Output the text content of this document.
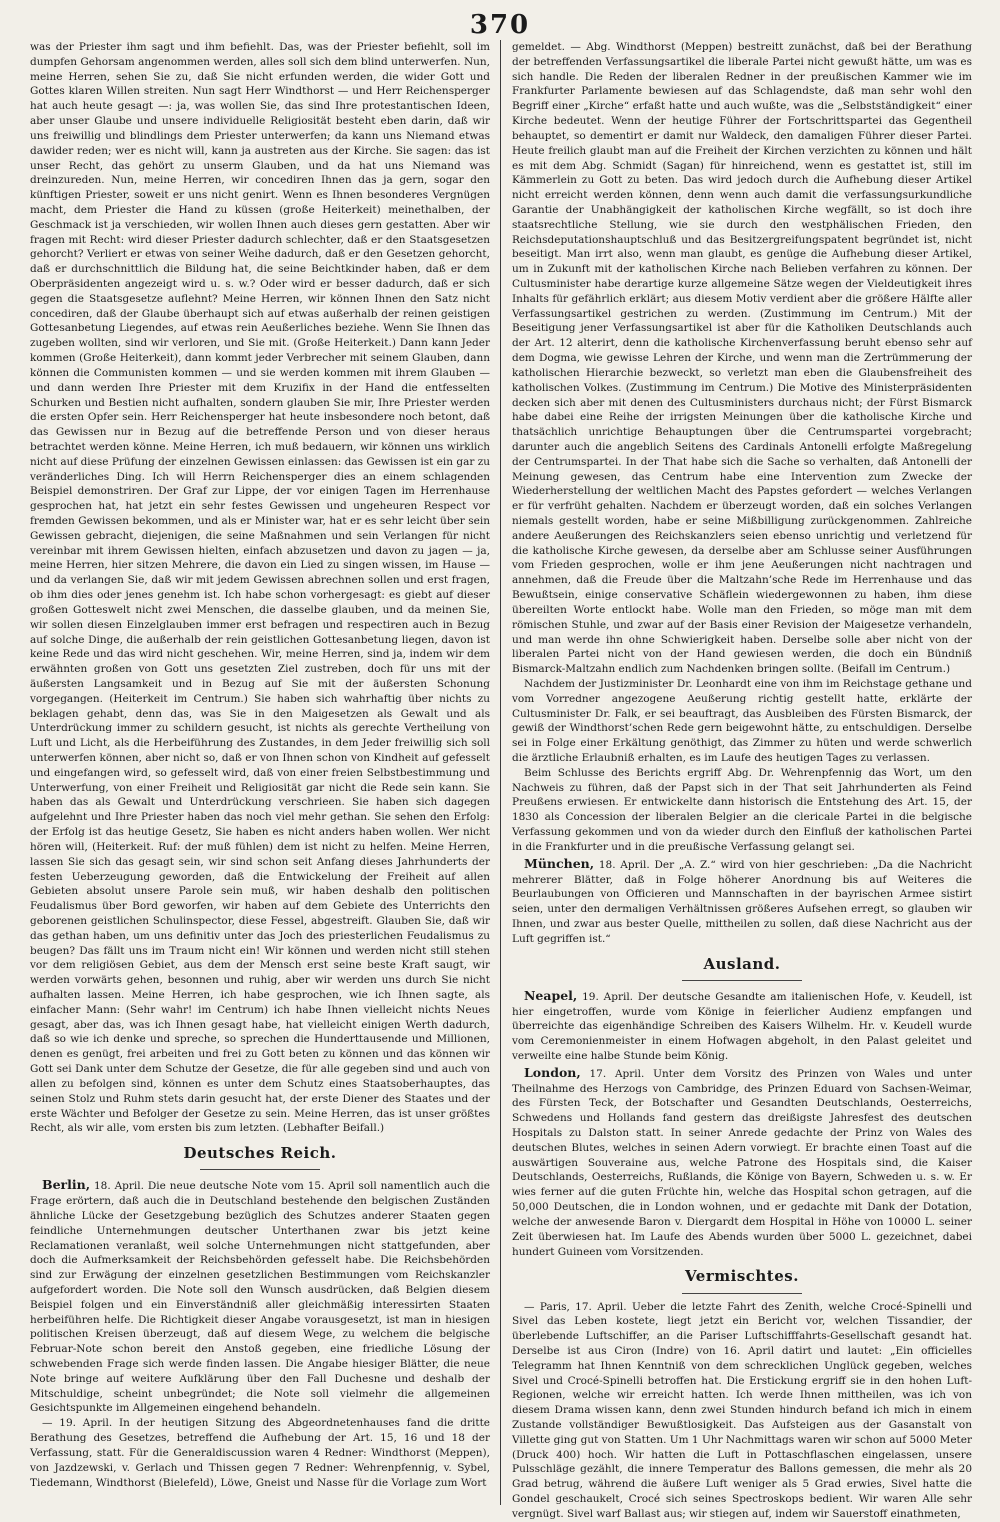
370

was der Priester ihm sagt und ihm befiehlt. Das, was der Priester befiehlt, soll im dumpfen Gehorsam angenommen werden, alles soll sich dem blind unterwerfen. Nun, meine Herren, sehen Sie zu, daß Sie nicht erfunden werden, die wider Gott und Gottes klaren Willen streiten. Nun sagt Herr Windthorst — und Herr Reichensperger hat auch heute gesagt —: ja, was wollen Sie, das sind Ihre protestantischen Ideen, aber unser Glaube und unsere individuelle Religiosität besteht eben darin, daß wir uns freiwillig und blindlings dem Priester unterwerfen; da kann uns Niemand etwas dawider reden; wer es nicht will, kann ja austreten aus der Kirche. Sie sagen: das ist unser Recht, das gehört zu unserm Glauben, und da hat uns Niemand was dreinzureden. Nun, meine Herren, wir concediren Ihnen das ja gern, sogar den künftigen Priester, soweit er uns nicht genirt. Wenn es Ihnen besonderes Vergnügen macht, dem Priester die Hand zu küssen (große Heiterkeit) meinethalben, der Geschmack ist ja verschieden, wir wollen Ihnen auch dieses gern gestatten. Aber wir fragen mit Recht: wird dieser Priester dadurch schlechter, daß er den Staatsgesetzen gehorcht? Verliert er etwas von seiner Weihe dadurch, daß er den Gesetzen gehorcht, daß er durchschnittlich die Bildung hat, die seine Beichtkinder haben, daß er dem Oberpräsidenten angezeigt wird u. s. w.? Oder wird er besser dadurch, daß er sich gegen die Staatsgesetze auflehnt? Meine Herren, wir können Ihnen den Satz nicht concediren, daß der Glaube überhaupt sich auf etwas außerhalb der reinen geistigen Gottesanbetung Liegendes, auf etwas rein Aeußerliches beziehe. Wenn Sie Ihnen das zugeben wollten, sind wir verloren, und Sie mit. (Große Heiterkeit.) Dann kann Jeder kommen (Große Heiterkeit), dann kommt jeder Verbrecher mit seinem Glauben, dann können die Communisten kommen — und sie werden kommen mit ihrem Glauben — und dann werden Ihre Priester mit dem Kruzifix in der Hand die entfesselten Schurken und Bestien nicht aufhalten, sondern glauben Sie mir, Ihre Priester werden die ersten Opfer sein. Herr Reichensperger hat heute insbesondere noch betont, daß das Gewissen nur in Bezug auf die betreffende Person und von dieser heraus betrachtet werden könne. Meine Herren, ich muß bedauern, wir können uns wirklich nicht auf diese Prüfung der einzelnen Gewissen einlassen: das Gewissen ist ein gar zu veränderliches Ding. Ich will Herrn Reichensperger dies an einem schlagenden Beispiel demonstriren. Der Graf zur Lippe, der vor einigen Tagen im Herrenhause gesprochen hat, hat jetzt ein sehr festes Gewissen und ungeheuren Respect vor fremden Gewissen bekommen, und als er Minister war, hat er es sehr leicht über sein Gewissen gebracht, diejenigen, die seine Maßnahmen und sein Verlangen für nicht vereinbar mit ihrem Gewissen hielten, einfach abzusetzen und davon zu jagen — ja, meine Herren, hier sitzen Mehrere, die davon ein Lied zu singen wissen, im Hause — und da verlangen Sie, daß wir mit jedem Gewissen abrechnen sollen und erst fragen, ob ihm dies oder jenes genehm ist. Ich habe schon vorhergesagt: es giebt auf dieser großen Gotteswelt nicht zwei Menschen, die dasselbe glauben, und da meinen Sie, wir sollen diesen Einzelglauben immer erst befragen und respectiren auch in Bezug auf solche Dinge, die außerhalb der rein geistlichen Gottesanbetung liegen, davon ist keine Rede und das wird nicht geschehen. Wir, meine Herren, sind ja, indem wir dem erwähnten großen von Gott uns gesetzten Ziel zustreben, doch für uns mit der äußersten Langsamkeit und in Bezug auf Sie mit der äußersten Schonung vorgegangen. (Heiterkeit im Centrum.) Sie haben sich wahrhaftig über nichts zu beklagen gehabt, denn das, was Sie in den Maigesetzen als Gewalt und als Unterdrückung immer zu schildern gesucht, ist nichts als gerechte Vertheilung von Luft und Licht, als die Herbeiführung des Zustandes, in dem Jeder freiwillig sich soll unterwerfen können, aber nicht so, daß er von Ihnen schon von Kindheit auf gefesselt und eingefangen wird, so gefesselt wird, daß von einer freien Selbstbestimmung und Unterwerfung, von einer Freiheit und Religiosität gar nicht die Rede sein kann. Sie haben das als Gewalt und Unterdrückung verschrieen. Sie haben sich dagegen aufgelehnt und Ihre Priester haben das noch viel mehr gethan. Sie sehen den Erfolg: der Erfolg ist das heutige Gesetz, Sie haben es nicht anders haben wollen. Wer nicht hören will, (Heiterkeit. Ruf: der muß fühlen) dem ist nicht zu helfen. Meine Herren, lassen Sie sich das gesagt sein, wir sind schon seit Anfang dieses Jahrhunderts der festen Ueberzeugung geworden, daß die Entwickelung der Freiheit auf allen Gebieten absolut unsere Parole sein muß, wir haben deshalb den politischen Feudalismus über Bord geworfen, wir haben auf dem Gebiete des Unterrichts den geborenen geistlichen Schulinspector, diese Fessel, abgestreift. Glauben Sie, daß wir das gethan haben, um uns definitiv unter das Joch des priesterlichen Feudalismus zu beugen? Das fällt uns im Traum nicht ein! Wir können und werden nicht still stehen vor dem religiösen Gebiet, aus dem der Mensch erst seine beste Kraft saugt, wir werden vorwärts gehen, besonnen und ruhig, aber wir werden uns durch Sie nicht aufhalten lassen. Meine Herren, ich habe gesprochen, wie ich Ihnen sagte, als einfacher Mann: (Sehr wahr! im Centrum) ich habe Ihnen vielleicht nichts Neues gesagt, aber das, was ich Ihnen gesagt habe, hat vielleicht einigen Werth dadurch, daß so wie ich denke und spreche, so sprechen die Hunderttausende und Millionen, denen es genügt, frei arbeiten und frei zu Gott beten zu können und das können wir Gott sei Dank unter dem Schutze der Gesetze, die für alle gegeben sind und auch von allen zu befolgen sind, können es unter dem Schutz eines Staatsoberhauptes, das seinen Stolz und Ruhm stets darin gesucht hat, der erste Diener des Staates und der erste Wächter und Befolger der Gesetze zu sein. Meine Herren, das ist unser größtes Recht, als wir alle, vom ersten bis zum letzten. (Lebhafter Beifall.)

Deutsches Reich.

Berlin, 18. April. Die neue deutsche Note vom 15. April soll namentlich auch die Frage erörtern, daß auch die in Deutschland bestehende den belgischen Zuständen ähnliche Lücke der Gesetzgebung bezüglich des Schutzes anderer Staaten gegen feindliche Unternehmungen deutscher Unterthanen zwar bis jetzt keine Reclamationen veranlaßt, weil solche Unternehmungen nicht stattgefunden, aber doch die Aufmerksamkeit der Reichsbehörden gefesselt habe. Die Reichsbehörden sind zur Erwägung der einzelnen gesetzlichen Bestimmungen vom Reichskanzler aufgefordert worden. Die Note soll den Wunsch ausdrücken, daß Belgien diesem Beispiel folgen und ein Einverständniß aller gleichmäßig interessirten Staaten herbeiführen helfe. Die Richtigkeit dieser Angabe vorausgesetzt, ist man in hiesigen politischen Kreisen überzeugt, daß auf diesem Wege, zu welchem die belgische Februar-Note schon bereit den Anstoß gegeben, eine friedliche Lösung der schwebenden Frage sich werde finden lassen. Die Angabe hiesiger Blätter, die neue Note bringe auf weitere Aufklärung über den Fall Duchesne und deshalb der Mitschuldige, scheint unbegründet; die Note soll vielmehr die allgemeinen Gesichtspunkte im Allgemeinen eingehend behandeln.

— 19. April. In der heutigen Sitzung des Abgeordnetenhauses fand die dritte Berathung des Gesetzes, betreffend die Aufhebung der Art. 15, 16 und 18 der Verfassung, statt. Für die Generaldiscussion waren 4 Redner: Windthorst (Meppen), von Jazdzewski, v. Gerlach und Thissen gegen 7 Redner: Wehrenpfennig, v. Sybel, Tiedemann, Windthorst (Bielefeld), Löwe, Gneist und Nasse für die Vorlage zum Wort

gemeldet. — Abg. Windthorst (Meppen) bestreitt zunächst, daß bei der Berathung der betreffenden Verfassungsartikel die liberale Partei nicht gewußt hätte, um was es sich handle. Die Reden der liberalen Redner in der preußischen Kammer wie im Frankfurter Parlamente bewiesen auf das Schlagendste, daß man sehr wohl den Begriff einer „Kirche“ erfaßt hatte und auch wußte, was die „Selbstständigkeit“ einer Kirche bedeutet. Wenn der heutige Führer der Fortschrittspartei das Gegentheil behauptet, so dementirt er damit nur Waldeck, den damaligen Führer dieser Partei. Heute freilich glaubt man auf die Freiheit der Kirchen verzichten zu können und hält es mit dem Abg. Schmidt (Sagan) für hinreichend, wenn es gestattet ist, still im Kämmerlein zu Gott zu beten. Das wird jedoch durch die Aufhebung dieser Artikel nicht erreicht werden können, denn wenn auch damit die verfassungsurkundliche Garantie der Unabhängigkeit der katholischen Kirche wegfällt, so ist doch ihre staatsrechtliche Stellung, wie sie durch den westphälischen Frieden, den Reichsdeputationshauptschluß und das Besitzergreifungspatent begründet ist, nicht beseitigt. Man irrt also, wenn man glaubt, es genüge die Aufhebung dieser Artikel, um in Zukunft mit der katholischen Kirche nach Belieben verfahren zu können. Der Cultusminister habe derartige kurze allgemeine Sätze wegen der Vieldeutigkeit ihres Inhalts für gefährlich erklärt; aus diesem Motiv verdient aber die größere Hälfte aller Verfassungsartikel gestrichen zu werden. (Zustimmung im Centrum.) Mit der Beseitigung jener Verfassungsartikel ist aber für die Katholiken Deutschlands auch der Art. 12 alterirt, denn die katholische Kirchenverfassung beruht ebenso sehr auf dem Dogma, wie gewisse Lehren der Kirche, und wenn man die Zertrümmerung der katholischen Hierarchie bezweckt, so verletzt man eben die Glaubensfreiheit des katholischen Volkes. (Zustimmung im Centrum.) Die Motive des Ministerpräsidenten decken sich aber mit denen des Cultusministers durchaus nicht; der Fürst Bismarck habe dabei eine Reihe der irrigsten Meinungen über die katholische Kirche und thatsächlich unrichtige Behauptungen über die Centrumspartei vorgebracht; darunter auch die angeblich Seitens des Cardinals Antonelli erfolgte Maßregelung der Centrumspartei. In der That habe sich die Sache so verhalten, daß Antonelli der Meinung gewesen, das Centrum habe eine Intervention zum Zwecke der Wiederherstellung der weltlichen Macht des Papstes gefordert — welches Verlangen er für verfrüht gehalten. Nachdem er überzeugt worden, daß ein solches Verlangen niemals gestellt worden, habe er seine Mißbilligung zurückgenommen. Zahlreiche andere Aeußerungen des Reichskanzlers seien ebenso unrichtig und verletzend für die katholische Kirche gewesen, da derselbe aber am Schlusse seiner Ausführungen vom Frieden gesprochen, wolle er ihm jene Aeußerungen nicht nachtragen und annehmen, daß die Freude über die Maltzahn’sche Rede im Herrenhause und das Bewußtsein, einige conservative Schäflein wiedergewonnen zu haben, ihm diese übereilten Worte entlockt habe. Wolle man den Frieden, so möge man mit dem römischen Stuhle, und zwar auf der Basis einer Revision der Maigesetze verhandeln, und man werde ihn ohne Schwierigkeit haben. Derselbe solle aber nicht von der liberalen Partei nicht von der Hand gewiesen werden, die doch ein Bündniß Bismarck-Maltzahn endlich zum Nachdenken bringen sollte. (Beifall im Centrum.)

Nachdem der Justizminister Dr. Leonhardt eine von ihm im Reichstage gethane und vom Vorredner angezogene Aeußerung richtig gestellt hatte, erklärte der Cultusminister Dr. Falk, er sei beauftragt, das Ausbleiben des Fürsten Bismarck, der gewiß der Windthorst’schen Rede gern beigewohnt hätte, zu entschuldigen. Derselbe sei in Folge einer Erkältung genöthigt, das Zimmer zu hüten und werde schwerlich die ärztliche Erlaubniß erhalten, es im Laufe des heutigen Tages zu verlassen.

Beim Schlusse des Berichts ergriff Abg. Dr. Wehrenpfennig das Wort, um den Nachweis zu führen, daß der Papst sich in der That seit Jahrhunderten als Feind Preußens erwiesen. Er entwickelte dann historisch die Entstehung des Art. 15, der 1830 als Concession der liberalen Belgier an die clericale Partei in die belgische Verfassung gekommen und von da wieder durch den Einfluß der katholischen Partei in die Frankfurter und in die preußische Verfassung gelangt sei.

München, 18. April. Der „A. Z.“ wird von hier geschrieben: „Da die Nachricht mehrerer Blätter, daß in Folge höherer Anordnung bis auf Weiteres die Beurlaubungen von Officieren und Mannschaften in der bayrischen Armee sistirt seien, unter den dermaligen Verhältnissen größeres Aufsehen erregt, so glauben wir Ihnen, und zwar aus bester Quelle, mittheilen zu sollen, daß diese Nachricht aus der Luft gegriffen ist.“

Ausland.

Neapel, 19. April. Der deutsche Gesandte am italienischen Hofe, v. Keudell, ist hier eingetroffen, wurde vom Könige in feierlicher Audienz empfangen und überreichte das eigenhändige Schreiben des Kaisers Wilhelm. Hr. v. Keudell wurde vom Ceremonienmeister in einem Hofwagen abgeholt, in den Palast geleitet und verweilte eine halbe Stunde beim König.

London, 17. April. Unter dem Vorsitz des Prinzen von Wales und unter Theilnahme des Herzogs von Cambridge, des Prinzen Eduard von Sachsen-Weimar, des Fürsten Teck, der Botschafter und Gesandten Deutschlands, Oesterreichs, Schwedens und Hollands fand gestern das dreißigste Jahresfest des deutschen Hospitals zu Dalston statt. In seiner Anrede gedachte der Prinz von Wales des deutschen Blutes, welches in seinen Adern vorwiegt. Er brachte einen Toast auf die auswärtigen Souveraine aus, welche Patrone des Hospitals sind, die Kaiser Deutschlands, Oesterreichs, Rußlands, die Könige von Bayern, Schweden u. s. w. Er wies ferner auf die guten Früchte hin, welche das Hospital schon getragen, auf die 50,000 Deutschen, die in London wohnen, und er gedachte mit Dank der Dotation, welche der anwesende Baron v. Diergardt dem Hospital in Höhe von 10000 L. seiner Zeit überwiesen hat. Im Laufe des Abends wurden über 5000 L. gezeichnet, dabei hundert Guineen vom Vorsitzenden.

Vermischtes.

— Paris, 17. April. Ueber die letzte Fahrt des Zenith, welche Crocé-Spinelli und Sivel das Leben kostete, liegt jetzt ein Bericht vor, welchen Tissandier, der überlebende Luftschiffer, an die Pariser Luftschifffahrts-Gesellschaft gesandt hat. Derselbe ist aus Ciron (Indre) von 16. April datirt und lautet: „Ein officielles Telegramm hat Ihnen Kenntniß von dem schrecklichen Unglück gegeben, welches Sivel und Crocé-Spinelli betroffen hat. Die Erstickung ergriff sie in den hohen Luft-Regionen, welche wir erreicht hatten. Ich werde Ihnen mittheilen, was ich von diesem Drama wissen kann, denn zwei Stunden hindurch befand ich mich in einem Zustande vollständiger Bewußtlosigkeit. Das Aufsteigen aus der Gasanstalt von Villette ging gut von Statten. Um 1 Uhr Nachmittags waren wir schon auf 5000 Meter (Druck 400) hoch. Wir hatten die Luft in Pottaschflaschen eingelassen, unsere Pulsschläge gezählt, die innere Temperatur des Ballons gemessen, die mehr als 20 Grad betrug, während die äußere Luft weniger als 5 Grad erwies, Sivel hatte die Gondel geschaukelt, Crocé sich seines Spectroskops bedient. Wir waren Alle sehr vergnügt. Sivel warf Ballast aus; wir stiegen auf, indem wir Sauerstoff einathmeten,
